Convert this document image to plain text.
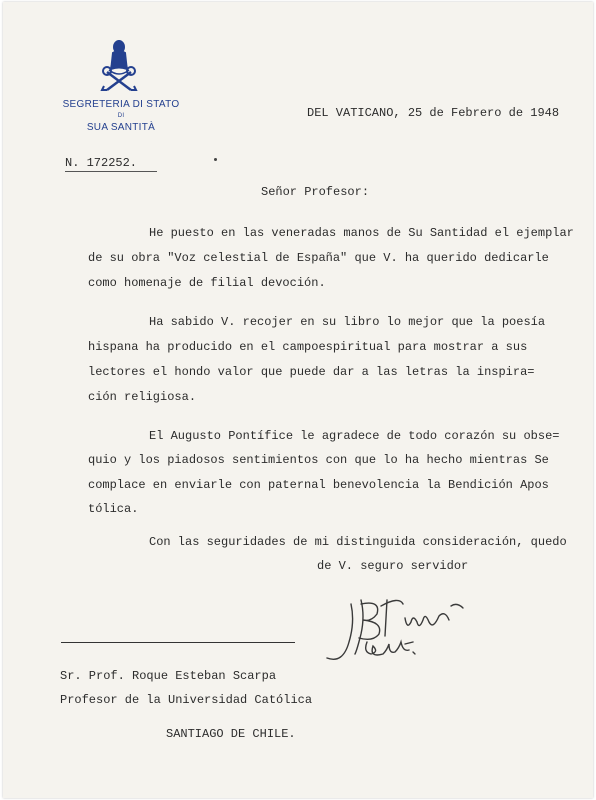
SEGRETERIA DI STATO
DI
SUA SANTITÀ
N. 172252.
DEL VATICANO, 25 de Febrero de 1948
Señor Profesor:
He puesto en las veneradas manos de Su Santidad el ejemplar
de su obra "Voz celestial de España" que V. ha querido dedicarle
como homenaje de filial devoción.
Ha sabido V. recojer en su libro lo mejor que la poesía
hispana ha producido en el campoespiritual para mostrar a sus
lectores el hondo valor que puede dar a las letras la inspira=
ción religiosa.
El Augusto Pontífice le agradece de todo corazón su obse=
quio y los piadosos sentimientos con que lo ha hecho mientras Se
complace en enviarle con paternal benevolencia la Bendición Apos
tólica.
Con las seguridades de mi distinguida consideración, quedo
de V. seguro servidor
Sr. Prof. Roque Esteban Scarpa
Profesor de la Universidad Católica
SANTIAGO DE CHILE.
